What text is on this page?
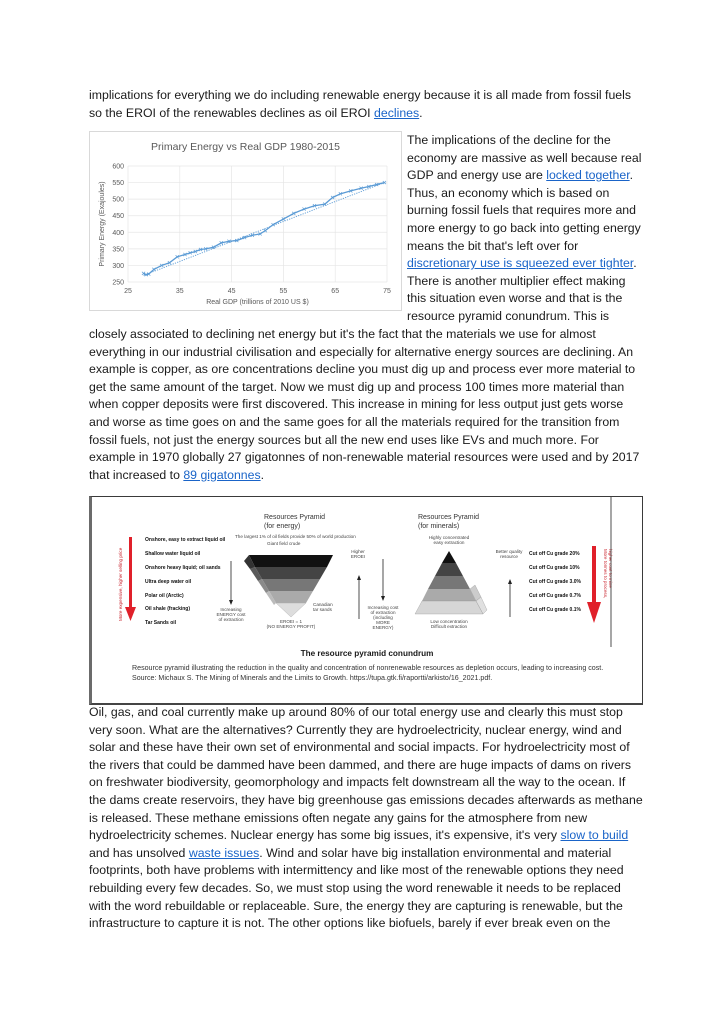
implications for everything we do including renewable energy because it is all made from fossil fuels so the EROI of the renewables declines as oil EROI declines.

Primary Energy vs Real GDP 1980-2015
250
300
350
400
450
500
550
600
25	35	45	55	65	75
Real GDP (trillions of 2010 US $)
Primary Energy (Exajoules)

The implications of the decline for the economy are massive as well because real GDP and energy use are locked together. Thus, an economy which is based on burning fossil fuels that requires more and more energy to go back into getting energy means the bit that's left over for discretionary use is squeezed ever tighter. There is another multiplier effect making this situation even worse and that is the resource pyramid conundrum. This is

closely associated to declining net energy but it's the fact that the materials we use for almost everything in our industrial civilisation and especially for alternative energy sources are declining. An example is copper, as ore concentrations decline you must dig up and process ever more material to get the same amount of the target. Now we must dig up and process 100 times more material than when copper deposits were first discovered. This increase in mining for less output just gets worse and worse as time goes on and the same goes for all the materials required for the transition from fossil fuels, not just the energy sources but all the new end uses like EVs and much more. For example in 1970 globally 27 gigatonnes of non-renewable material resources were used and by 2017 that increased to 89 gigatonnes.

More expensive, higher selling price
Onshore, easy to extract liquid oil
Shallow water liquid oil
Onshore heavy liquid; oil sands
Ultra deep water oil
Polar oil (Arctic)
Oil shale (fracking)
Tar Sands oil
Increasing
ENERGY cost
of extraction
Resources Pyramid
(for energy)
The largest 1% of oil fields provide 50% of world production
Giant field crude
Canadian
tar sands
EROEI = 1
(NO ENERGY PROFIT)
Higher
EROEI
Increasing cost
of extraction
(including
MORE
ENERGY)
Resources Pyramid
(for minerals)
Highly concentrated
easy extraction
Low concentration
Difficult extraction
Better quality
resource Cut off Cu grade 20%
Cut off Cu grade 10%
Cut off Cu grade 3.0%
Cut off Cu grade 0.7%
Cut off Cu grade 0.1%
More tonnes to process, higher cost to mine
The resource pyramid conundrum
Resource pyramid illustrating the reduction in the quality and concentration of nonrenewable resources as depletion occurs, leading to increasing cost. Source: Michaux S. The Mining of Minerals and the Limits to Growth. https://tupa.gtk.fi/raportti/arkisto/16_2021.pdf.

Oil, gas, and coal currently make up around 80% of our total energy use and clearly this must stop very soon. What are the alternatives? Currently they are hydroelectricity, nuclear energy, wind and solar and these have their own set of environmental and social impacts. For hydroelectricity most of the rivers that could be dammed have been dammed, and there are huge impacts of dams on rivers on freshwater biodiversity, geomorphology and impacts felt downstream all the way to the ocean. If the dams create reservoirs, they have big greenhouse gas emissions decades afterwards as methane is released. These methane emissions often negate any gains for the atmosphere from new hydroelectricity schemes. Nuclear energy has some big issues, it's expensive, it's very slow to build and has unsolved waste issues. Wind and solar have big installation environmental and material footprints, both have problems with intermittency and like most of the renewable options they need rebuilding every few decades. So, we must stop using the word renewable it needs to be replaced with the word rebuildable or replaceable. Sure, the energy they are capturing is renewable, but the infrastructure to capture it is not. The other options like biofuels, barely if ever break even on the
